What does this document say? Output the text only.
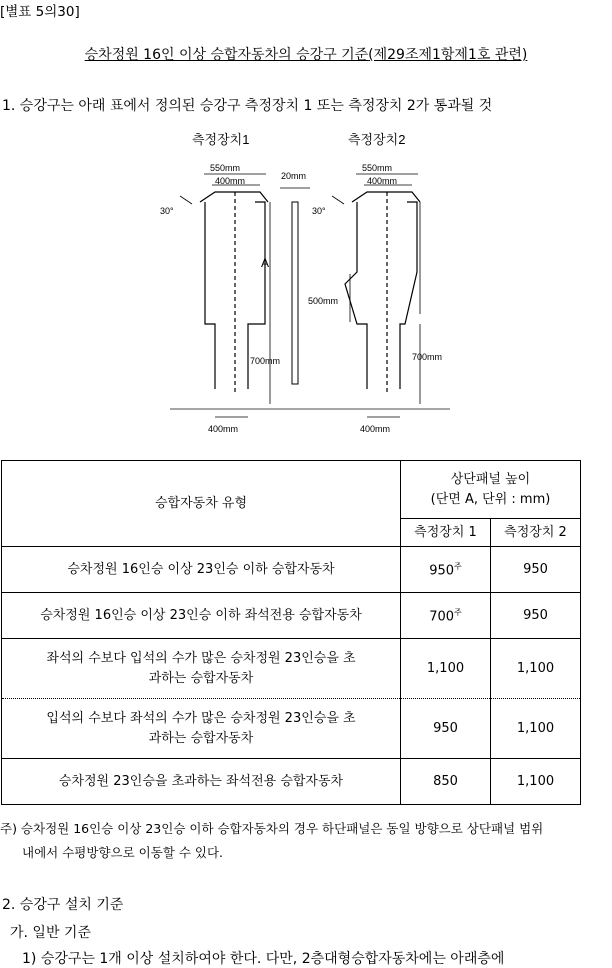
[별표 5의30]
승차정원 16인 이상 승합자동차의 승강구 기준(제29조제1항제1호 관련)
1. 승강구는 아래 표에서 정의된 승강구 측정장치 1 또는 측정장치 2가 통과될 것
측정장치1	측정장치2
550mm
400mm
30°
A
700mm
400mm
20mm
550mm
400mm
30°
500mm
700mm
400mm
승합자동차 유형	상단패널 높이
(단면 A, 단위 : mm)	

	측정장치 1	측정장치 2
승차정원 16인승 이상 23인승 이하 승합자동차	$950^주$	950
승차정원 16인승 이상 23인승 이하 좌석전용 승합자동차	$700^주$	950

좌석의 수보다 입석의 수가 많은 승차정원 23인승을 초
과하는 승합자동차	1,100	1,100

입석의 수보다 좌석의 수가 많은 승차정원 23인승을 초
과하는 승합자동차	950	1,100
승차정원 23인승을 초과하는 좌석전용 승합자동차	850	1,100
주) 승차정원 16인승 이상 23인승 이하 승합자동차의 경우 하단패널은 동일 방향으로 상단패널 범위
내에서 수평방향으로 이동할 수 있다.
2. 승강구 설치 기준
가. 일반 기준
1) 승강구는 1개 이상 설치하여야 한다. 다만, 2층대형승합자동차에는 아래층에
